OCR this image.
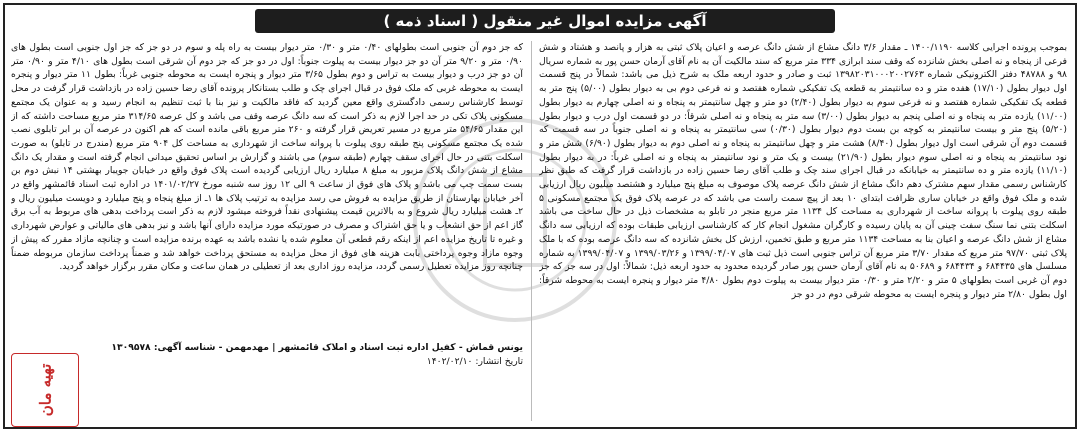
آگهی مزایده اموال غیر منقول ( اسناد ذمه )

بموجب پرونده اجرایی کلاسه ۱۴۰۰/۱۱۹۰ ـ مقدار ۳/۶ دانگ مشاع از شش دانگ عرصه و اعیان پلاک ثبتی به هزار و پانصد و هشتاد و شش فرعی از پنجاه و نه اصلی بخش شانزده که وقف سند ابرازی ۳۳۴ متر مربع که سند مالکیت آن به نام آقای آرمان حسن پور به شماره سریال ۹۸ و ۴۸۷۸۸ دفتر الکترونیکی شماره ۱۳۹۸۲۰۳۱۰۰۰۲۰۰۲۷۶۳ ثبت و صادر و حدود اربعه ملک به شرح ذیل می باشد: شمالاً در پنج قسمت اول دیوار بطول (۱۷/۱۰) هفده متر و ده سانتیمتر به قطعه یک تفکیکی شماره هفتصد و نه فرعی دوم بی به دیوار بطول (۵/۰۰) پنج متر به قطعه یک تفکیکی شماره هفتصد و نه فرعی سوم به دیوار بطول (۲/۴۰) دو متر و چهل سانتیمتر به پنجاه و نه اصلی چهارم به دیوار بطول (۱۱/۰۰) یازده متر به پنجاه و نه اصلی پنجم به دیوار بطول (۳/۰۰) سه متر به پنجاه و نه اصلی شرقاً: در دو قسمت اول درب و دیوار بطول (۵/۲۰) پنج متر و بیست سانتیمتر به کوچه بن بست دوم دیوار بطول (۰/۳۰) سی سانتیمتر به پنجاه و نه اصلی جنوباً در سه قسمت که قسمت دوم آن شرقی است اول دیوار بطول (۸/۴۰) هشت متر و چهل سانتیمتر به پنجاه و نه اصلی دوم به دیوار بطول (۶/۹۰) شش متر و نود سانتیمتر به پنجاه و نه اصلی سوم دیوار بطول (۲۱/۹۰) بیست و یک متر و نود سانتیمتر به پنجاه و نه اصلی غرباً: در به دیوار بطول (۱۱/۱۰) یازده متر و ده سانتیمتر به خیابانکه در قبال اجرای سند چک و طلب آقای رضا حسین زاده در بازداشت قرار گرفت که طبق نظر کارشناس رسمی مقدار سهم مشترک دهم دانگ مشاع از شش دانگ عرصه پلاک موصوف به مبلغ پنج میلیارد و هشتصد میلیون ریال ارزیابی شده و ملک فوق واقع در خیابان ساری ظرافت ابتدای ۱۰ بعد از پیچ سمت راست می باشد که در عرصه پلاک فوق یک مجتمع مسکونی ۵ طبقه روی پیلوت با پروانه ساخت از شهرداری به مساحت کل ۱۱۳۴ متر مربع منجر در تابلو به مشخصات ذیل در حال ساخت می باشد اسکلت بتنی نما سنگ سفت چینی آن به پایان رسیده و کارگران مشغول انجام کار که کارشناسی ارزیابی طبقات بوده که ارزیابی سه دانگ مشاع از شش دانگ عرصه و اعیان بنا به مساحت ۱۱۳۴ متر مربع و طبق تخمین، ارزش کل بخش شانزده که سه دانگ عرصه بوده که با ملک پلاک ثبتی ۹۷/۷۰ متر مربع که مقدار ۳/۷۰ متر مربع آن تراس جنوبی است ذیل ثبت های ۱۳۹۹/۰۴/۰۷ و ۱۳۹۹/۰۳/۲۶ و ۱۳۹۹/۰۴/۰۷ به شماره مسلسل های ۶۸۴۴۳۵ و ۶۸۴۴۳۴ و ۵۰۶۸۹ به نام آقای آرمان حسن پور صادر گردیده محدود به حدود اربعه ذیل: شمالاً: اول در سه جز که جز دوم آن غربی است بطولهای ۵ متر و ۲/۲۰ متر و ۰/۳۰ متر دیوار بیست به پیلوت دوم بطول ۴/۸۰ متر دیوار و پنجره ایست به محوطه شرقاً: اول بطول ۲/۸۰ متر دیوار و پنجره ایست به محوطه شرقی دوم در دو جز

که جز دوم آن جنوبی است بطولهای ۰/۴۰ متر و ۰/۳۰ متر دیوار بیست به راه پله و سوم در دو جز که جز اول جنوبی است بطول های ۰/۹۰ متر و ۹/۲۰ متر آن دو جز دیوار بیست به پیلوت جنوباً: اول در دو جز که جز دوم آن شرقی است بطول های ۴/۱۰ متر و ۰/۹۰ متر آن دو جز درب و دیوار بیست به تراس و دوم بطول ۳/۶۵ متر دیوار و پنجره ایست به محوطه جنوبی غرباً: بطول ۱۱ متر دیوار و پنجره ایست به محوطه غربی که ملک فوق در قبال اجرای چک و طلب بستانکار پرونده آقای رضا حسین زاده در بازداشت قرار گرفت در محل توسط کارشناس رسمی دادگستری واقع معین گردید که فاقد مالکیت و نیز بنا با ثبت تنظیم به انجام رسید و به عنوان یک مجتمع مسکونی پلاک تکی در حد اجرا لازم به ذکر است که سه دانگ عرصه وقف می باشد و کل عرصه ۳۱۴/۶۵ متر مربع مساحت داشته که از این مقدار ۵۴/۶۵ متر مربع در مسیر تعریض قرار گرفته و ۲۶۰ متر مربع باقی مانده است که هم اکنون در عرصه آن بر ابر تابلوی نصب شده یک مجتمع مسکونی پنج طبقه روی پیلوت با پروانه ساخت از شهرداری به مساحت کل ۹۰۴ متر مربع (مندرج در تابلو) به صورت اسکلت بتنی در حال اجرای سقف چهارم (طبقه سوم) می باشند و گزارش بر اساس تحقیق میدانی انجام گرفته است و مقدار یک دانگ مشاع از شش دانگ پلاک مزبور به مبلغ ۸ میلیارد ریال ارزیابی گردیده است پلاک فوق واقع در خیابان جویبار بهشتی ۱۴ نبش دوم بن بست سمت چپ می باشد و پلاک های فوق از ساعت ۹ الی ۱۲ روز سه شنبه مورخ ۱۴۰۱/۰۲/۲۷ در اداره ثبت اسناد قائمشهر واقع در آخر خیابان بهارستان از طریق مزایده به فروش می رسد مزایده به ترتیب پلاک ها ۱ـ از مبلغ پنجاه و پنج میلیارد و دویست میلیون ریال و ۲ـ هشت میلیارد ریال شروع و به بالاترین قیمت پیشنهادی نقداً فروخته میشود لازم به ذکر است پرداخت بدهی های مربوط به آب برق گاز اعم از حق انشعاب و یا حق اشتراک و مصرف در صورتیکه مورد مزایده دارای آنها باشد و نیز بدهی های مالیاتی و عوارض شهرداری و غیره تا تاریخ مزایده اعم از اینکه رقم قطعی آن معلوم شده یا نشده باشد به عهده برنده مزایده است و چنانچه مازاد مقرر که پیش از وجوه مازاد وجوه پرداختی بابت هزینه های فوق از محل مزایده به مستحق پرداخت خواهد شد و ضمناً پرداخت سازمان مربوطه ضمناً چنانچه روز مزایده تعطیل رسمی گردد، مزایده روز اداری بعد از تعطیلی در همان ساعت و مکان مقرر برگزار خواهد گردید.

یونس قماش - کفیل اداره ثبت اسناد و املاک قائمشهر | مهدمهمن - شناسه آگهی: ۱۳۰۹۵۷۸
تاریخ انتشار: ۱۴۰۲/۰۲/۱۰
تهیه مان
